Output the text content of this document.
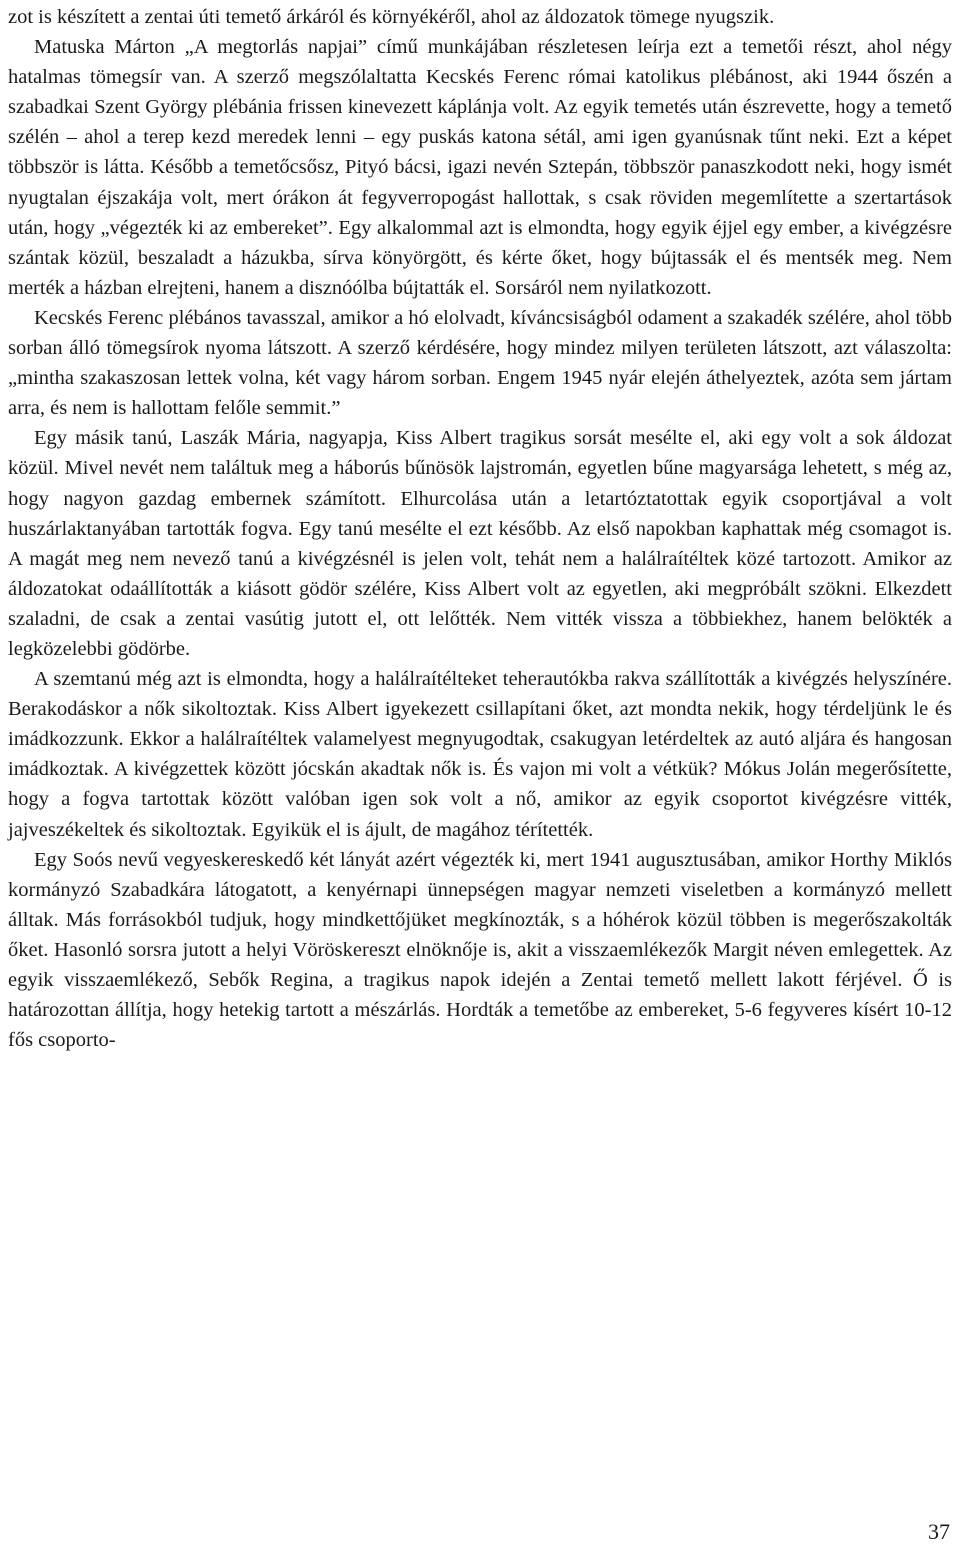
zot is készített a zentai úti temető árkáról és környékéről, ahol az áldozatok tömege nyugszik.

Matuska Márton „A megtorlás napjai” című munkájában részletesen leírja ezt a temetői részt, ahol négy hatalmas tömegsír van. A szerző megszólaltatta Kecskés Ferenc római katolikus plébánost, aki 1944 őszén a szabadkai Szent György plébánia frissen kinevezett káplánja volt. Az egyik temetés után észrevette, hogy a temető szélén – ahol a terep kezd meredek lenni – egy puskás katona sétál, ami igen gyanúsnak tűnt neki. Ezt a képet többször is látta. Később a temetőcsősz, Pityó bácsi, igazi nevén Sztepán, többször panaszkodott neki, hogy ismét nyugtalan éjszakája volt, mert órákon át fegyverropogást hallottak, s csak röviden megemlítette a szertartások után, hogy „végezték ki az embereket”. Egy alkalommal azt is elmondta, hogy egyik éjjel egy ember, a kivégzésre szántak közül, beszaladt a házukba, sírva könyörgött, és kérte őket, hogy bújtassák el és mentsék meg. Nem merték a házban elrejteni, hanem a disznóólba bújtatták el. Sorsáról nem nyilatkozott.

Kecskés Ferenc plébános tavasszal, amikor a hó elolvadt, kíváncsiságból odament a szakadék szélére, ahol több sorban álló tömegsírok nyoma látszott. A szerző kérdésére, hogy mindez milyen területen látszott, azt válaszolta: „mintha szakaszosan lettek volna, két vagy három sorban. Engem 1945 nyár elején áthelyeztek, azóta sem jártam arra, és nem is hallottam felőle semmit.”

Egy másik tanú, Laszák Mária, nagyapja, Kiss Albert tragikus sorsát mesélte el, aki egy volt a sok áldozat közül. Mivel nevét nem találtuk meg a háborús bűnösök lajstromán, egyetlen bűne magyarsága lehetett, s még az, hogy nagyon gazdag embernek számított. Elhurcolása után a letartóztatottak egyik csoportjával a volt huszárlaktanyában tartották fogva. Egy tanú mesélte el ezt később. Az első napokban kaphattak még csomagot is. A magát meg nem nevező tanú a kivégzésnél is jelen volt, tehát nem a halálraítéltek közé tartozott. Amikor az áldozatokat odaállították a kiásott gödör szélére, Kiss Albert volt az egyetlen, aki megpróbált szökni. Elkezdett szaladni, de csak a zentai vasútig jutott el, ott lelőtték. Nem vitték vissza a többiekhez, hanem belökték a legközelebbi gödörbe.

A szemtanú még azt is elmondta, hogy a halálraítélteket teherautókba rakva szállították a kivégzés helyszínére. Berakodáskor a nők sikoltoztak. Kiss Albert igyekezett csillapítani őket, azt mondta nekik, hogy térdeljünk le és imádkozzunk. Ekkor a halálraítéltek valamelyest megnyugodtak, csakugyan letérdeltek az autó aljára és hangosan imádkoztak. A kivégzettek között jócskán akadtak nők is. És vajon mi volt a vétkük? Mókus Jolán megerősítette, hogy a fogva tartottak között valóban igen sok volt a nő, amikor az egyik csoportot kivégzésre vitték, jajveszékeltek és sikoltoztak. Egyikük el is ájult, de magához térítették.

Egy Soós nevű vegyeskereskedő két lányát azért végezték ki, mert 1941 augusztusában, amikor Horthy Miklós kormányzó Szabadkára látogatott, a kenyérnapi ünnepségen magyar nemzeti viseletben a kormányzó mellett álltak. Más forrásokból tudjuk, hogy mindkettőjüket megkínozták, s a hóhérok közül többen is megerőszakolták őket. Hasonló sorsra jutott a helyi Vöröskereszt elnöknője is, akit a visszaemlékezők Margit néven emlegettek. Az egyik visszaemlékező, Sebők Regina, a tragikus napok idején a Zentai temető mellett lakott férjével. Ő is határozottan állítja, hogy hetekig tartott a mészárlás. Hordták a temetőbe az embereket, 5-6 fegyveres kísért 10-12 fős csoporto-

37
